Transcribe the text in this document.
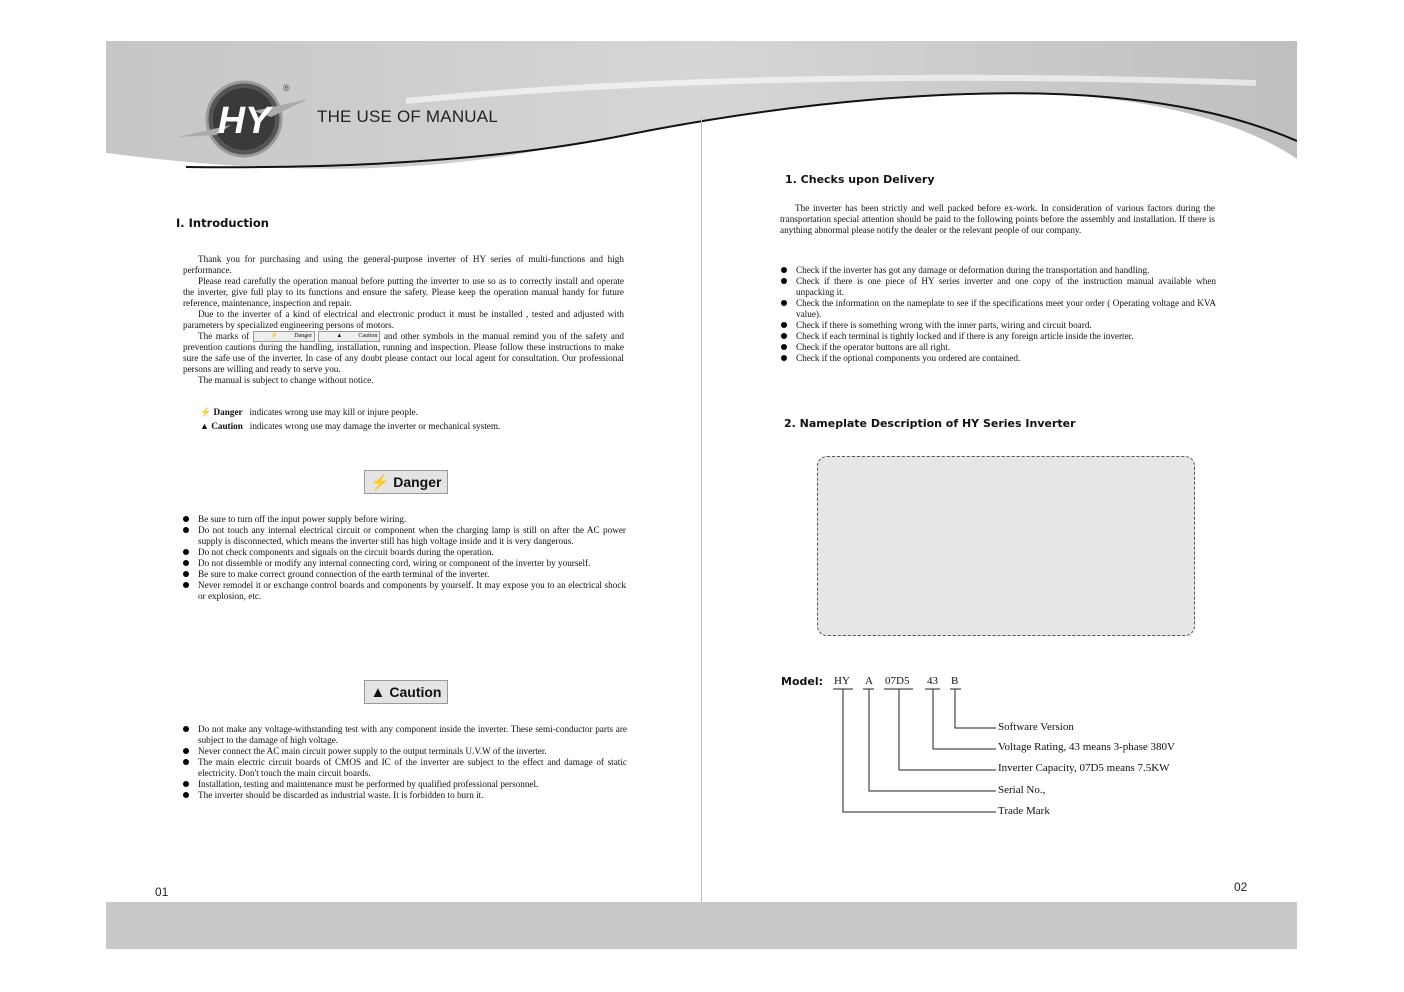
HY
®
THE USE OF MANUAL
Ⅰ. Introduction

Thank you for purchasing and using the general-purpose inverter of HY series of multi-functions and high performance.

Please read carefully the operation manual before putting the inverter to use so as to correctly install and operate the inverter, give full play to its functions and ensure the safety. Please keep the operation manual handy for future reference, maintenance, inspection and repair.

Due to the inverter of a kind of electrical and electronic product it must be installed , tested and adjusted with parameters by specialized engineering persons of motors.

The marks of	⚡	Danger
	▲	Caution and other symbols in the manual remind you of the safety and prevention cautions during the handling, installation, running and inspection. Please follow these instructions to make sure the safe use of the inverter. In case of any doubt please contact our local agent for consultation. Our professional persons are willing and ready to serve you.

The manual is subject to change without notice.

⚡ Danger indicates wrong use may kill or injure people.
▲ Caution indicates wrong use may damage the inverter or mechanical system.
⚡ Danger
Be sure to turn off the input power supply before wiring.
Do not touch any internal electrical circuit or component when the charging lamp is still on after the AC power supply is disconnected, which means the inverter still has high voltage inside and it is very dangerous.
Do not check components and signals on the circuit boards during the operation.
Do not dissemble or modify any internal connecting cord, wiring or component of the inverter by yourself.
Be sure to make correct ground connection of the earth terminal of the inverter.
Never remodel it or exchange control boards and components by yourself. It may expose you to an electrical shock or explosion, etc.
▲ Caution
Do not make any voltage-withstanding test with any component inside the inverter. These semi-conductor parts are subject to the damage of high voltage.
Never connect the AC main circuit power supply to the output terminals U.V.W of the inverter.
The main electric circuit boards of CMOS and IC of the inverter are subject to the effect and damage of static electricity. Don't touch the main circuit boards.
Installation, testing and maintenance must be performed by qualified professional personnel.
The inverter should be discarded as industrial waste. It is forbidden to burn it.
01
1. Checks upon Delivery

The inverter has been strictly and well packed before ex-work. In consideration of various factors during the transportation special attention should be paid to the following points before the assembly and installation. If there is anything abnormal please notify the dealer or the relevant people of our company.

Check if the inverter has got any damage or deformation during the transportation and handling.
Check if there is one piece of HY series inverter and one copy of the instruction manual available when unpacking it.
Check the information on the nameplate to see if the specifications meet your order ( Operating voltage and KVA value).
Check if there is something wrong with the inner parts, wiring and circuit board.
Check if each terminal is tightly locked and if there is any foreign article inside the inverter.
Check if the operator buttons are all right.
Check if the optional components you ordered are contained.
2. Nameplate Description of HY Series Inverter
Model: HY A 07D5 43 B
Software Version
Voltage Rating, 43 means 3-phase 380V
Inverter Capacity, 07D5 means 7.5KW
Serial No.,
Trade Mark
02
